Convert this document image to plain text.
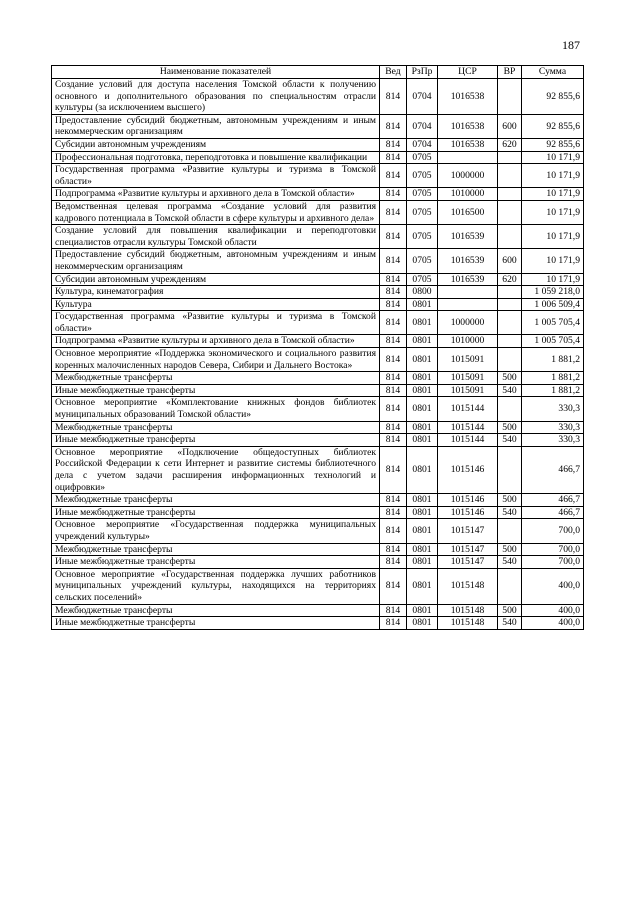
187
Наименование показателей	Вед	РзПр	ЦСР	ВР	Сумма
Создание условий для доступа населения Томской области к получению основного и дополнительного образования по специальностям отрасли культуры (за исключением высшего)	814	0704	1016538		92 855,6
Предоставление субсидий бюджетным, автономным учреждениям и иным некоммерческим организациям	814	0704	1016538	600	92 855,6
Субсидии автономным учреждениям	814	0704	1016538	620	92 855,6
Профессиональная подготовка, переподготовка и повышение квалификации	814	0705			10 171,9
Государственная программа «Развитие культуры и туризма в Томской области»	814	0705	1000000		10 171,9
Подпрограмма «Развитие культуры и архивного дела в Томской области»	814	0705	1010000		10 171,9
Ведомственная целевая программа «Создание условий для развития кадрового потенциала в Томской области в сфере культуры и архивного дела»	814	0705	1016500		10 171,9
Создание условий для повышения квалификации и переподготовки специалистов отрасли культуры Томской области	814	0705	1016539		10 171,9
Предоставление субсидий бюджетным, автономным учреждениям и иным некоммерческим организациям	814	0705	1016539	600	10 171,9
Субсидии автономным учреждениям	814	0705	1016539	620	10 171,9
Культура, кинематография	814	0800			1 059 218,0
Культура	814	0801			1 006 509,4
Государственная программа «Развитие культуры и туризма в Томской области»	814	0801	1000000		1 005 705,4
Подпрограмма «Развитие культуры и архивного дела в Томской области»	814	0801	1010000		1 005 705,4
Основное мероприятие «Поддержка экономического и социального развития коренных малочисленных народов Севера, Сибири и Дальнего Востока»	814	0801	1015091		1 881,2
Межбюджетные трансферты	814	0801	1015091	500	1 881,2
Иные межбюджетные трансферты	814	0801	1015091	540	1 881,2
Основное мероприятие «Комплектование книжных фондов библиотек муниципальных образований Томской области»	814	0801	1015144		330,3
Межбюджетные трансферты	814	0801	1015144	500	330,3
Иные межбюджетные трансферты	814	0801	1015144	540	330,3
Основное мероприятие «Подключение общедоступных библиотек Российской Федерации к сети Интернет и развитие системы библиотечного дела с учетом задачи расширения информационных технологий и оцифровки»	814	0801	1015146		466,7
Межбюджетные трансферты	814	0801	1015146	500	466,7
Иные межбюджетные трансферты	814	0801	1015146	540	466,7
Основное мероприятие «Государственная поддержка муниципальных учреждений культуры»	814	0801	1015147		700,0
Межбюджетные трансферты	814	0801	1015147	500	700,0
Иные межбюджетные трансферты	814	0801	1015147	540	700,0
Основное мероприятие «Государственная поддержка лучших работников муниципальных учреждений культуры, находящихся на территориях сельских поселений»	814	0801	1015148		400,0
Межбюджетные трансферты	814	0801	1015148	500	400,0
Иные межбюджетные трансферты	814	0801	1015148	540	400,0
